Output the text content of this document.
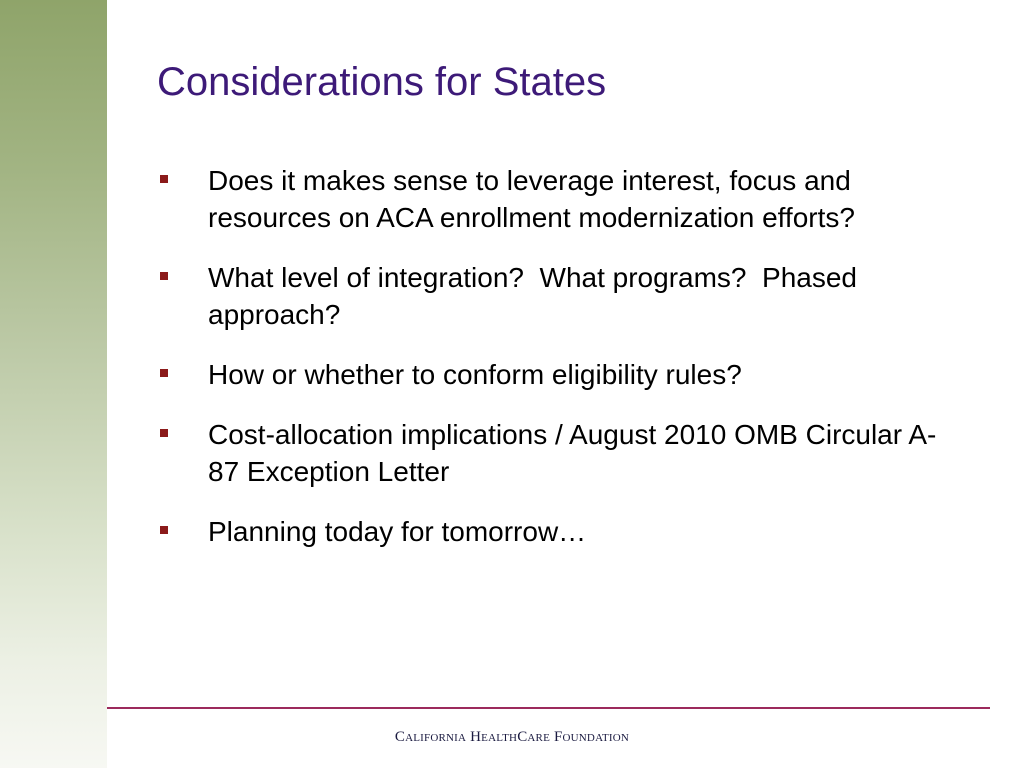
Considerations for States
Does it makes sense to leverage interest, focus and resources on ACA enrollment modernization efforts?
What level of integration?  What programs?  Phased approach?
How or whether to conform eligibility rules?
Cost-allocation implications / August 2010 OMB Circular A-87 Exception Letter
Planning today for tomorrow…
California HealthCare Foundation
